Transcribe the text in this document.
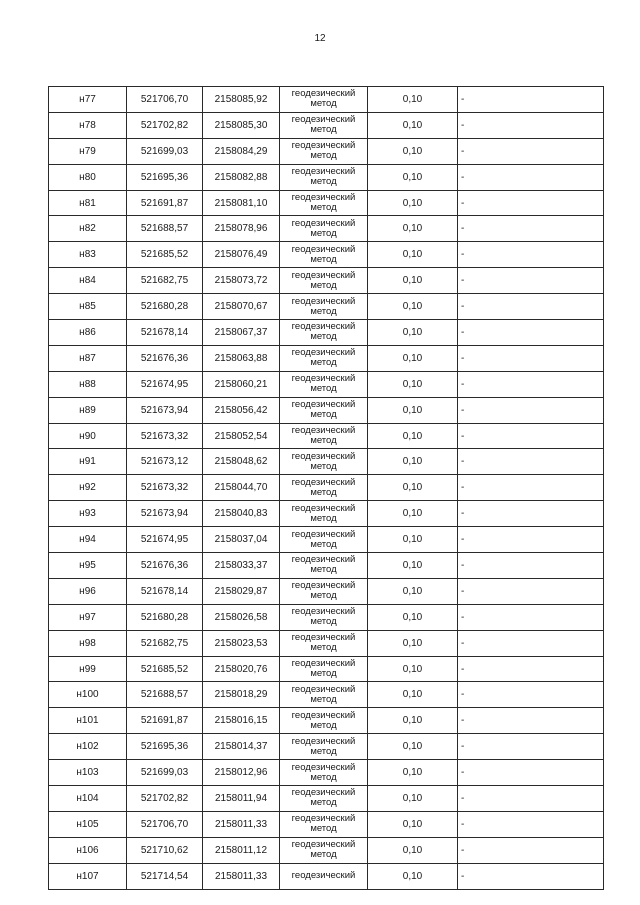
12
н77	521706,70	2158085,92	геодезический метод	0,10	-
н78	521702,82	2158085,30	геодезический метод	0,10	-
н79	521699,03	2158084,29	геодезический метод	0,10	-
н80	521695,36	2158082,88	геодезический метод	0,10	-
н81	521691,87	2158081,10	геодезический метод	0,10	-
н82	521688,57	2158078,96	геодезический метод	0,10	-
н83	521685,52	2158076,49	геодезический метод	0,10	-
н84	521682,75	2158073,72	геодезический метод	0,10	-
н85	521680,28	2158070,67	геодезический метод	0,10	-
н86	521678,14	2158067,37	геодезический метод	0,10	-
н87	521676,36	2158063,88	геодезический метод	0,10	-
н88	521674,95	2158060,21	геодезический метод	0,10	-
н89	521673,94	2158056,42	геодезический метод	0,10	-
н90	521673,32	2158052,54	геодезический метод	0,10	-
н91	521673,12	2158048,62	геодезический метод	0,10	-
н92	521673,32	2158044,70	геодезический метод	0,10	-
н93	521673,94	2158040,83	геодезический метод	0,10	-
н94	521674,95	2158037,04	геодезический метод	0,10	-
н95	521676,36	2158033,37	геодезический метод	0,10	-
н96	521678,14	2158029,87	геодезический метод	0,10	-
н97	521680,28	2158026,58	геодезический метод	0,10	-
н98	521682,75	2158023,53	геодезический метод	0,10	-
н99	521685,52	2158020,76	геодезический метод	0,10	-
н100	521688,57	2158018,29	геодезический метод	0,10	-
н101	521691,87	2158016,15	геодезический метод	0,10	-
н102	521695,36	2158014,37	геодезический метод	0,10	-
н103	521699,03	2158012,96	геодезический метод	0,10	-
н104	521702,82	2158011,94	геодезический метод	0,10	-
н105	521706,70	2158011,33	геодезический метод	0,10	-
н106	521710,62	2158011,12	геодезический метод	0,10	-
н107	521714,54	2158011,33	геодезический	0,10	-
